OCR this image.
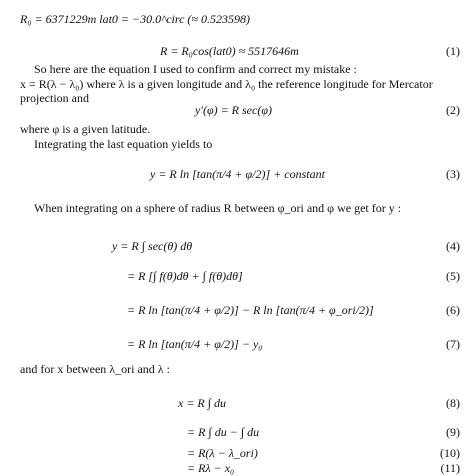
R₀ = 6371229m lat0 = −30.0^circ (≈ 0.523598)
R = R₀cos(lat0) ≈ 5517646m	(1)
So here are the equation I used to confirm and correct my mistake :
x = R(λ − λ₀) where λ is a given longitude and λ₀ the reference longitude for Mercator
projection and
y′(φ) = R sec(φ)	(2)
where φ is a given latitude.
Integrating the last equation yields to
y = R ln [tan(π/4 + φ/2)] + constant	(3)
When integrating on a sphere of radius R between φ_ori and φ we get for y :
y = R ∫ sec(θ) dθ	(4)
= R [∫ f(θ)dθ + ∫ f(θ)dθ]	(5)
= R ln [tan(π/4 + φ/2)] − R ln [tan(π/4 + φ_ori/2)]	(6)
= R ln [tan(π/4 + φ/2)] − y₀	(7)
and for x between λ_ori and λ :
x = R ∫ du	(8)
= R ∫ du − ∫ du	(9)
= R(λ − λ_ori)	(10)
= Rλ − x₀	(11)
